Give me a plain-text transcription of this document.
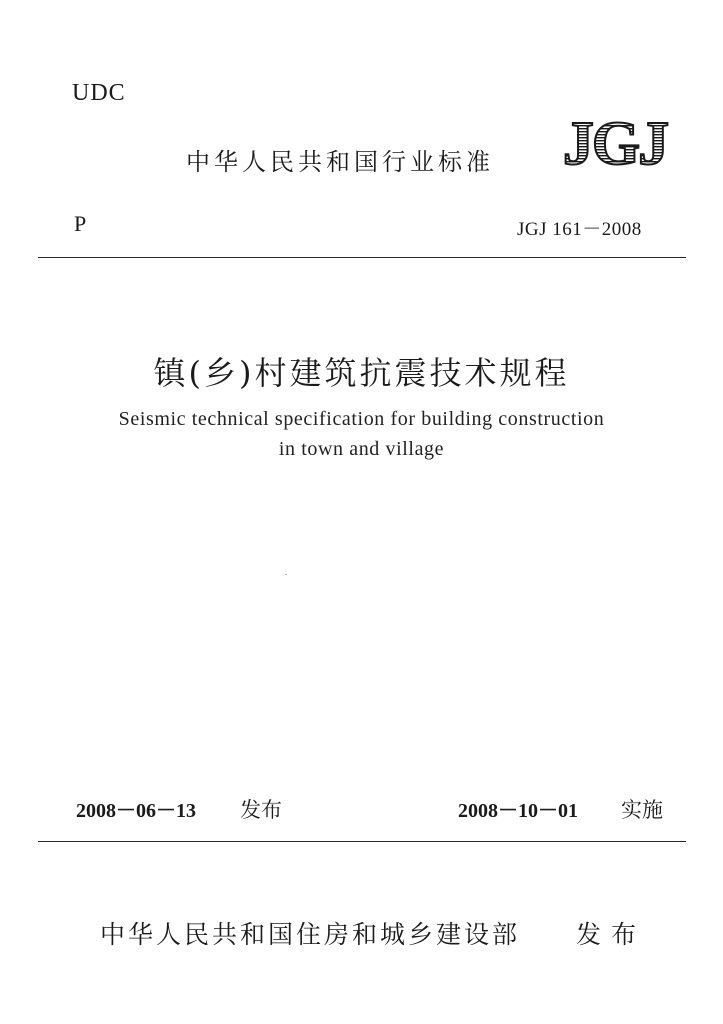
UDC
中华人民共和国行业标准 JGJ
P	JGJ 161－2008
镇(乡)村建筑抗震技术规程
Seismic technical specification for building construction
in town and village
2008－06－13 发布	2008－10－01 实施
中华人民共和国住房和城乡建设部 发布
